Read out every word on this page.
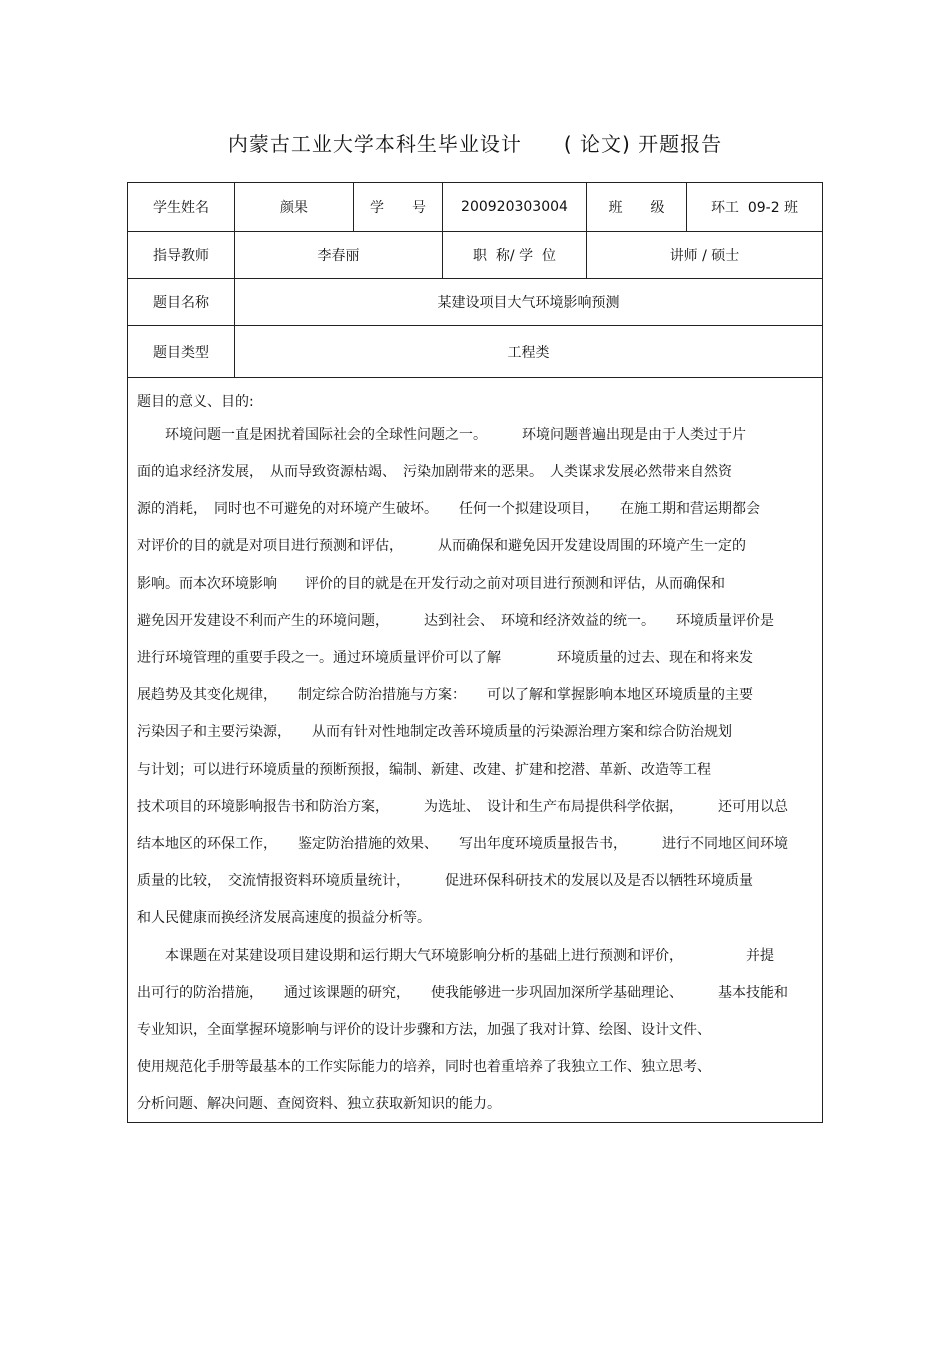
内蒙古工业大学本科生毕业设计　　( 论文) 开题报告
学生姓名	颜果	学　　号	200920303004	班　　级	环工  09-2 班
指导教师	李春丽	职  称/ 学  位	讲师 / 硕士
题目名称	某建设项目大气环境影响预测
题目类型	工程类
题目的意义、目的:
　　环境问题一直是困扰着国际社会的全球性问题之一。　　　环境问题普遍出现是由于人类过于片
面的追求经济发展，　从而导致资源枯竭、　污染加剧带来的恶果。　人类谋求发展必然带来自然资
源的消耗，　同时也不可避免的对环境产生破坏。　　任何一个拟建设项目，　　在施工期和营运期都会
对评价的目的就是对项目进行预测和评估，　　　从而确保和避免因开发建设周围的环境产生一定的
影响。而本次环境影响　　评价的目的就是在开发行动之前对项目进行预测和评估，从而确保和
避免因开发建设不利而产生的环境问题，　　　达到社会、　环境和经济效益的统一。　　环境质量评价是
进行环境管理的重要手段之一。通过环境质量评价可以了解　　　　环境质量的过去、现在和将来发
展趋势及其变化规律，　　制定综合防治措施与方案：　　可以了解和掌握影响本地区环境质量的主要
污染因子和主要污染源，　　从而有针对性地制定改善环境质量的污染源治理方案和综合防治规划
与计划；可以进行环境质量的预断预报，编制、新建、改建、扩建和挖潜、革新、改造等工程
技术项目的环境影响报告书和防治方案，　　　为选址、　设计和生产布局提供科学依据，　　　还可用以总
结本地区的环保工作，　　鉴定防治措施的效果、　　写出年度环境质量报告书，　　　进行不同地区间环境
质量的比较，　交流情报资料环境质量统计，　　　促进环保科研技术的发展以及是否以牺牲环境质量
和人民健康而换经济发展高速度的损益分析等。
　　本课题在对某建设项目建设期和运行期大气环境影响分析的基础上进行预测和评价，　　　　　并提
出可行的防治措施，　　通过该课题的研究，　　使我能够进一步巩固加深所学基础理论、　　　基本技能和
专业知识，全面掌握环境影响与评价的设计步骤和方法，加强了我对计算、绘图、设计文件、
使用规范化手册等最基本的工作实际能力的培养，同时也着重培养了我独立工作、独立思考、
分析问题、解决问题、查阅资料、独立获取新知识的能力。
